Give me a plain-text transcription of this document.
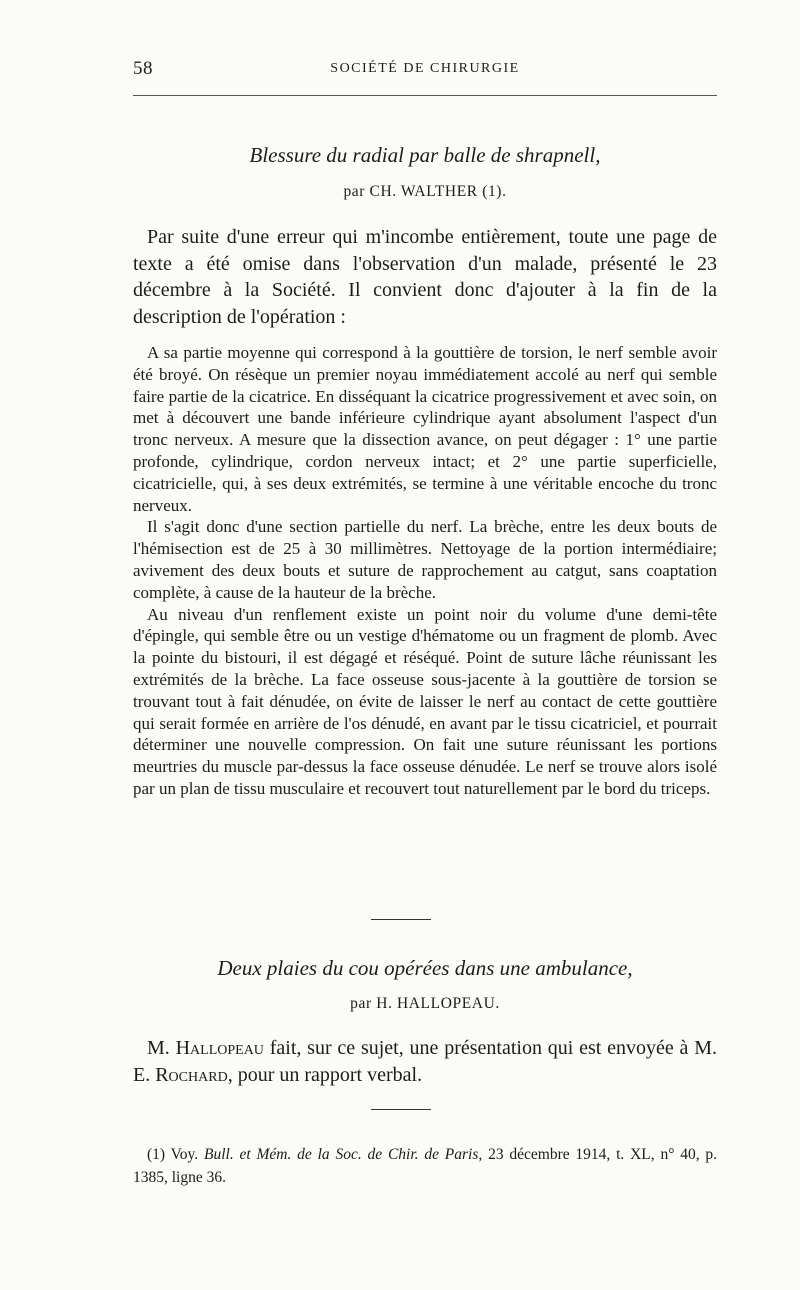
58	SOCIÉTÉ DE CHIRURGIE
Blessure du radial par balle de shrapnell,
par CH. WALTHER (1).

Par suite d'une erreur qui m'incombe entièrement, toute une page de texte a été omise dans l'observation d'un malade, présenté le 23 décembre à la Société. Il convient donc d'ajouter à la fin de la description de l'opération :

A sa partie moyenne qui correspond à la gouttière de torsion, le nerf semble avoir été broyé. On résèque un premier noyau immédiatement accolé au nerf qui semble faire partie de la cicatrice. En disséquant la cicatrice progressivement et avec soin, on met à découvert une bande inférieure cylindrique ayant absolument l'aspect d'un tronc nerveux. A mesure que la dissection avance, on peut dégager : 1° une partie profonde, cylindrique, cordon nerveux intact; et 2° une partie superficielle, cicatricielle, qui, à ses deux extrémités, se termine à une véritable encoche du tronc nerveux.

Il s'agit donc d'une section partielle du nerf. La brèche, entre les deux bouts de l'hémisection est de 25 à 30 millimètres. Nettoyage de la portion intermédiaire; avivement des deux bouts et suture de rapprochement au catgut, sans coaptation complète, à cause de la hauteur de la brèche.

Au niveau d'un renflement existe un point noir du volume d'une demi-tête d'épingle, qui semble être ou un vestige d'hématome ou un fragment de plomb. Avec la pointe du bistouri, il est dégagé et réséqué. Point de suture lâche réunissant les extrémités de la brèche. La face osseuse sous-jacente à la gouttière de torsion se trouvant tout à fait dénudée, on évite de laisser le nerf au contact de cette gouttière qui serait formée en arrière de l'os dénudé, en avant par le tissu cicatriciel, et pourrait déterminer une nouvelle compression. On fait une suture réunissant les portions meurtries du muscle par-dessus la face osseuse dénudée. Le nerf se trouve alors isolé par un plan de tissu musculaire et recouvert tout naturellement par le bord du triceps.

Deux plaies du cou opérées dans une ambulance,
par H. HALLOPEAU.

M. Hallopeau fait, sur ce sujet, une présentation qui est envoyée à M. E. Rochard, pour un rapport verbal.

(1) Voy. Bull. et Mém. de la Soc. de Chir. de Paris, 23 décembre 1914, t. XL, n° 40, p. 1385, ligne 36.
